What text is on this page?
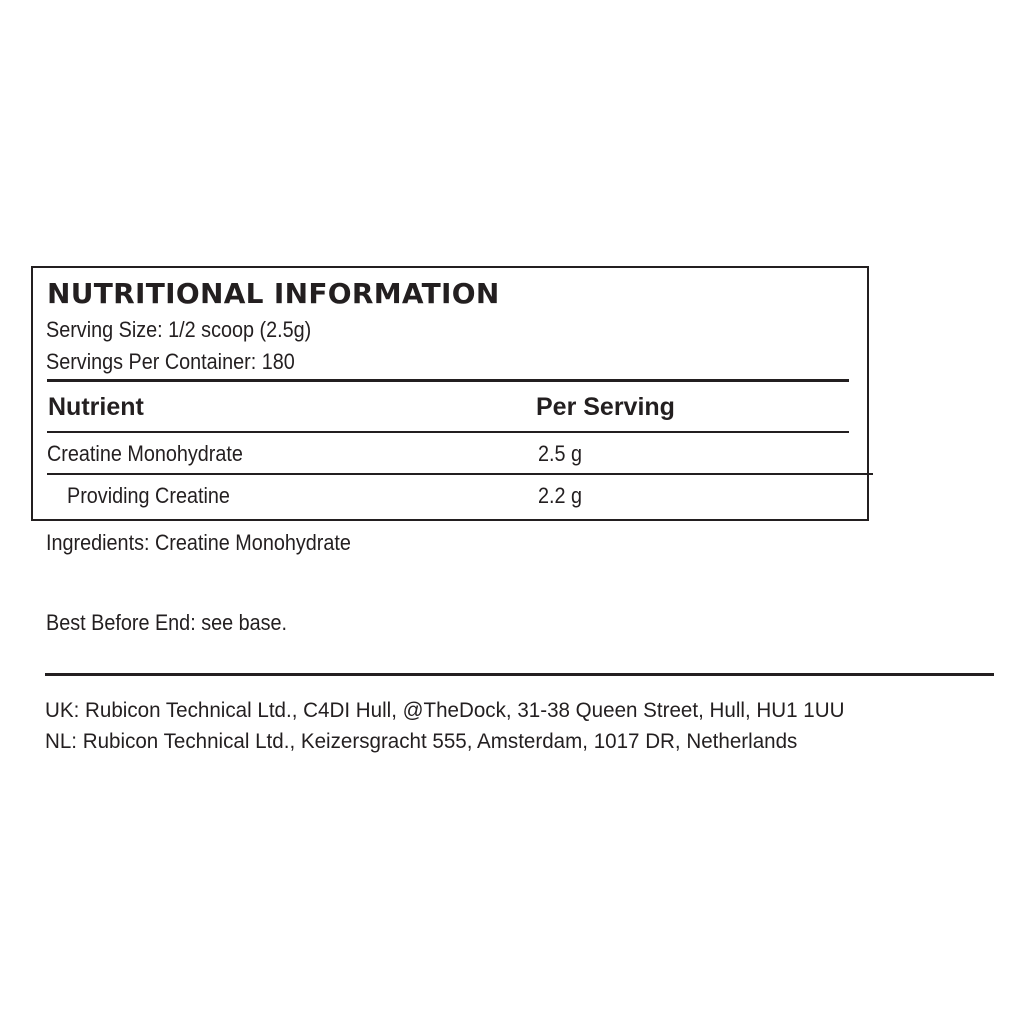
NUTRITIONAL INFORMATION
Serving Size: 1/2 scoop (2.5g)
Servings Per Container: 180
Nutrient	Per Serving
Creatine Monohydrate	2.5 g
Providing Creatine	2.2 g
Ingredients: Creatine Monohydrate
Best Before End: see base.
UK: Rubicon Technical Ltd., C4DI Hull, @TheDock, 31-38 Queen Street, Hull, HU1 1UU
NL: Rubicon Technical Ltd., Keizersgracht 555, Amsterdam, 1017 DR, Netherlands
